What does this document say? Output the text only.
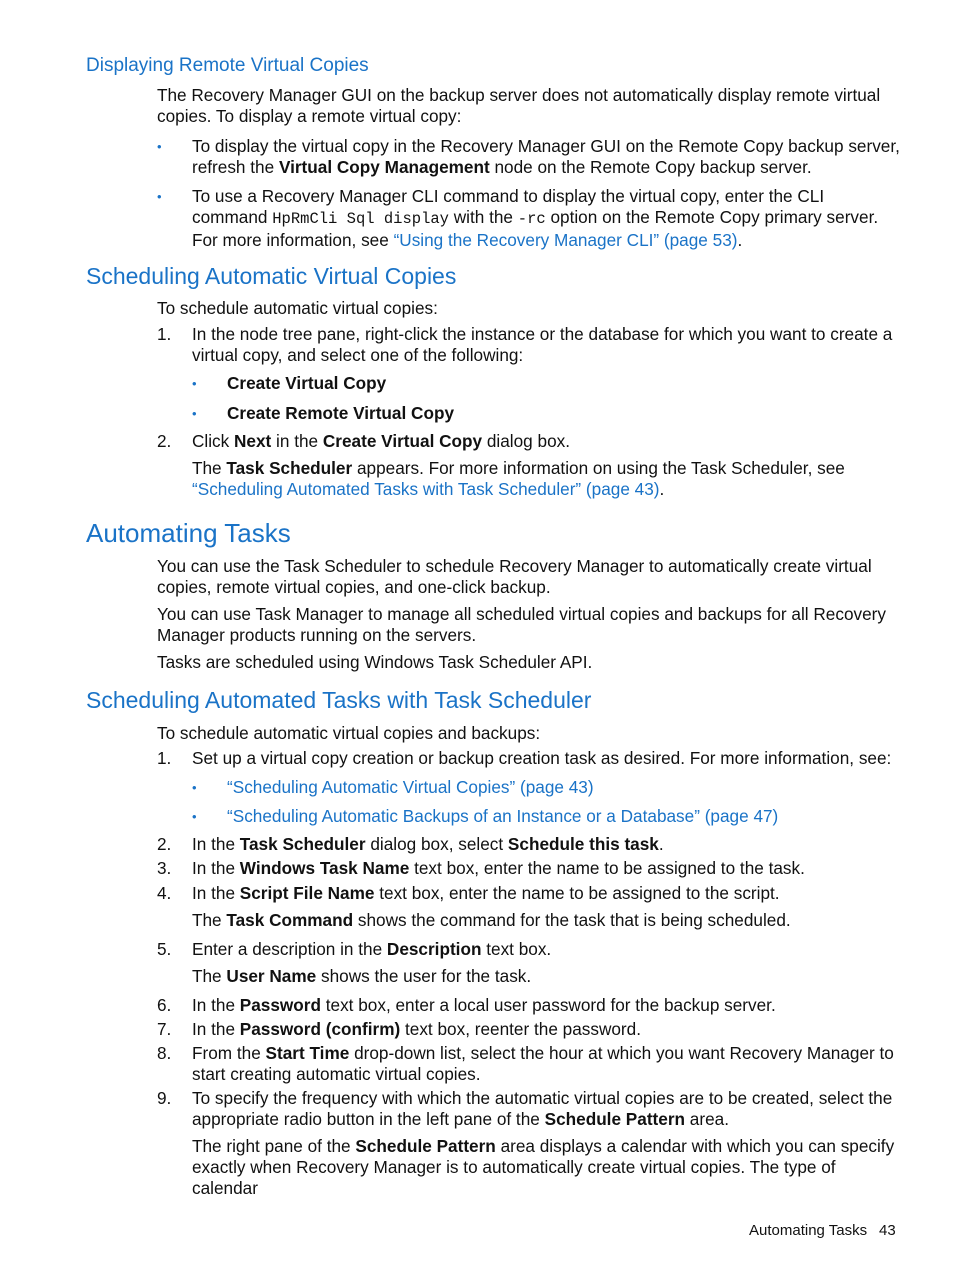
Displaying Remote Virtual Copies
The Recovery Manager GUI on the backup server does not automatically display remote virtual copies. To display a remote virtual copy:
• To display the virtual copy in the Recovery Manager GUI on the Remote Copy backup server, refresh the Virtual Copy Management node on the Remote Copy backup server.
• To use a Recovery Manager CLI command to display the virtual copy, enter the CLI command HpRmCli Sql display with the -rc option on the Remote Copy primary server. For more information, see “Using the Recovery Manager CLI” (page 53).
Scheduling Automatic Virtual Copies
To schedule automatic virtual copies:
1.	In the node tree pane, right-click the instance or the database for which you want to create a virtual copy, and select one of the following:
• Create Virtual Copy
• Create Remote Virtual Copy
2.	Click Next in the Create Virtual Copy dialog box.
The Task Scheduler appears. For more information on using the Task Scheduler, see “Scheduling Automated Tasks with Task Scheduler” (page 43).
Automating Tasks
You can use the Task Scheduler to schedule Recovery Manager to automatically create virtual copies, remote virtual copies, and one-click backup.
You can use Task Manager to manage all scheduled virtual copies and backups for all Recovery Manager products running on the servers.
Tasks are scheduled using Windows Task Scheduler API.
Scheduling Automated Tasks with Task Scheduler
To schedule automatic virtual copies and backups:
1.	Set up a virtual copy creation or backup creation task as desired. For more information, see:
• “Scheduling Automatic Virtual Copies” (page 43)
• “Scheduling Automatic Backups of an Instance or a Database” (page 47)
2.	In the Task Scheduler dialog box, select Schedule this task.
3.	In the Windows Task Name text box, enter the name to be assigned to the task.
4.	In the Script File Name text box, enter the name to be assigned to the script.
The Task Command shows the command for the task that is being scheduled.
5.	Enter a description in the Description text box.
The User Name shows the user for the task.
6.	In the Password text box, enter a local user password for the backup server.
7.	In the Password (confirm) text box, reenter the password.
8.	From the Start Time drop-down list, select the hour at which you want Recovery Manager to start creating automatic virtual copies.
9.	To specify the frequency with which the automatic virtual copies are to be created, select the appropriate radio button in the left pane of the Schedule Pattern area.
The right pane of the Schedule Pattern area displays a calendar with which you can specify exactly when Recovery Manager is to automatically create virtual copies. The type of calendar
Automating Tasks 43
